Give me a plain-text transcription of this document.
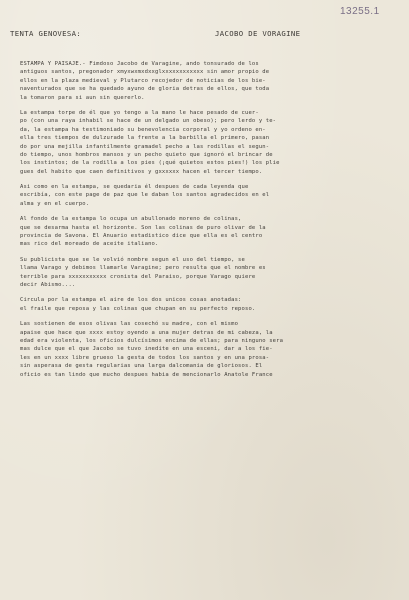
13255.1
TENTA GENOVESA:	JACOBO DE VORAGINE
ESTAMPA Y PAISAJE.- Fimdoso Jacobo de Varagine, ando tonsurado de los
antiguos santos, pregonador xmyxwxmxdxxglxxxxxxxxxxxx sin amor propio de
ellos en la plaza medieval y Plutarco recojedor de noticias de los bie-
naventurados que se ha quedado ayuno de gloria detras de ellos, que toda
la tomaron para si aun sin quererlo.
La estampa torpe de él que yo tengo a la mano le hace pesado de cuer-
po (con una raya inhabil se hace de un delgado un obeso); pero lerdo y te-
da, la estampa ha testimoniado su benevolencia corporal y yo ordeno en-
ella tres tiempos de dulzurade la frente a la barbilla el primero, pasan
do por una mejilla infantilmente gramadel pecho a las rodillas el segun-
do tiempo, unos hombros mansos y un pecho quieto que ignoró el brincar de
los instintos; de la rodilla a los pies (¡qué quietos estos pies!) los plie
gues del habito que caen definitivos y gxxxxxx hacen el tercer tiempo.
Asi como en la estampa, se quedaria él despues de cada leyenda que
escribía, con este page de paz que le daban los santos agradecidos en el
alma y en el cuerpo.
Al fondo de la estampa lo ocupa un abullonado moreno de colinas,
que se desarma hasta el horizonte. Son las colinas de puro olivar de la
provincia de Savona. El Anuario estadistico dice que ella es el centro
mas rico del moreado de aceite italiano.
Su publicista que se le volvió nombre segun el uso del tiempo, se
llama Varago y debimos llamarle Varagine; pero resulta que el nombre es
terrible para xxxxxxxxxxx cronista del Paraiso, porque Varago quiere
decir Abismo....
Circula por la estampa el aire de los dos unicos cosas anotadas:
el fraile que reposa y las colinas que chupan en su perfecto reposo.
Las sostienen de esos olivas las cosechó su madre, con el mismo
apaise que hace que xxxx estoy oyendo a una mujer detras de mi cabeza, la
edad era violenta, los oficios dulcísimos encima de ellas; para ninguno sera
mas dulce que el que Jacobo se tuvo inedite en una esceni, dar a los fie-
les en un xxxx libre grueso la gesta de todos los santos y en una prosa-
sin asperasa de gesta regularias una larga dalcomania de gloriosos. El
oficio es tan lindo que mucho despues habia de mencionarlo Anatole France
